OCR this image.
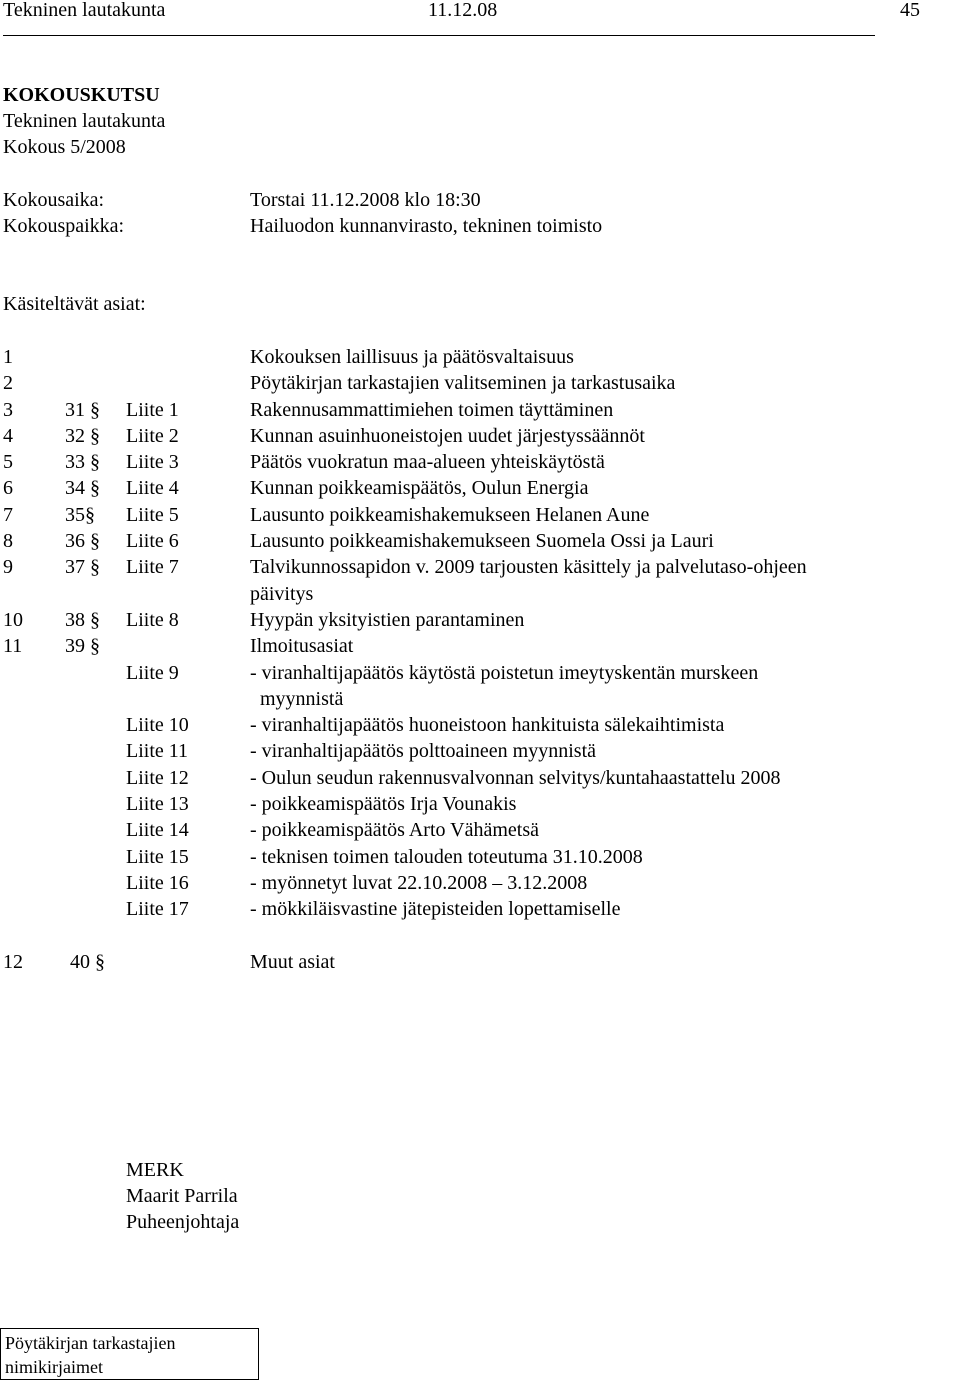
Tekninen lautakunta	11.12.08	45
KOKOUSKUTSU
Tekninen lautakunta
Kokous 5/2008
Kokousaika:	Torstai 11.12.2008 klo 18:30
Kokouspaikka:	Hailuodon kunnanvirasto, tekninen toimisto
Käsiteltävät asiat:
1	Kokouksen laillisuus ja päätösvaltaisuus
2	Pöytäkirjan tarkastajien valitseminen ja tarkastusaika
3	31 § Liite 1	Rakennusammattimiehen toimen täyttäminen
4	32 § Liite 2	Kunnan asuinhuoneistojen uudet järjestyssäännöt
5	33 § Liite 3	Päätös vuokratun maa-alueen yhteiskäytöstä
6	34 § Liite 4	Kunnan poikkeamispäätös, Oulun Energia
7	35§ Liite 5	Lausunto poikkeamishakemukseen Helanen Aune
8	36 § Liite 6	Lausunto poikkeamishakemukseen Suomela Ossi ja Lauri
9	37 § Liite 7	Talvikunnossapidon v. 2009 tarjousten käsittely ja palvelutaso-ohjeen
päivitys
10 38 § Liite 8	Hyypän yksityistien parantaminen
11 39 §	Ilmoitusasiat
Liite 9	- viranhaltijapäätös käytöstä poistetun imeytyskentän murskeen
myynnistä
Liite 10	- viranhaltijapäätös huoneistoon hankituista sälekaihtimista
Liite 11	- viranhaltijapäätös polttoaineen myynnistä
Liite 12	- Oulun seudun rakennusvalvonnan selvitys/kuntahaastattelu 2008
Liite 13	- poikkeamispäätös Irja Vounakis
Liite 14	- poikkeamispäätös Arto Vähämetsä
Liite 15	- teknisen toimen talouden toteutuma 31.10.2008
Liite 16	- myönnetyt luvat 22.10.2008 – 3.12.2008
Liite 17	- mökkiläisvastine jätepisteiden lopettamiselle
12 40 §	Muut asiat
MERK
Maarit Parrila
Puheenjohtaja
Pöytäkirjan tarkastajien
nimikirjaimet
